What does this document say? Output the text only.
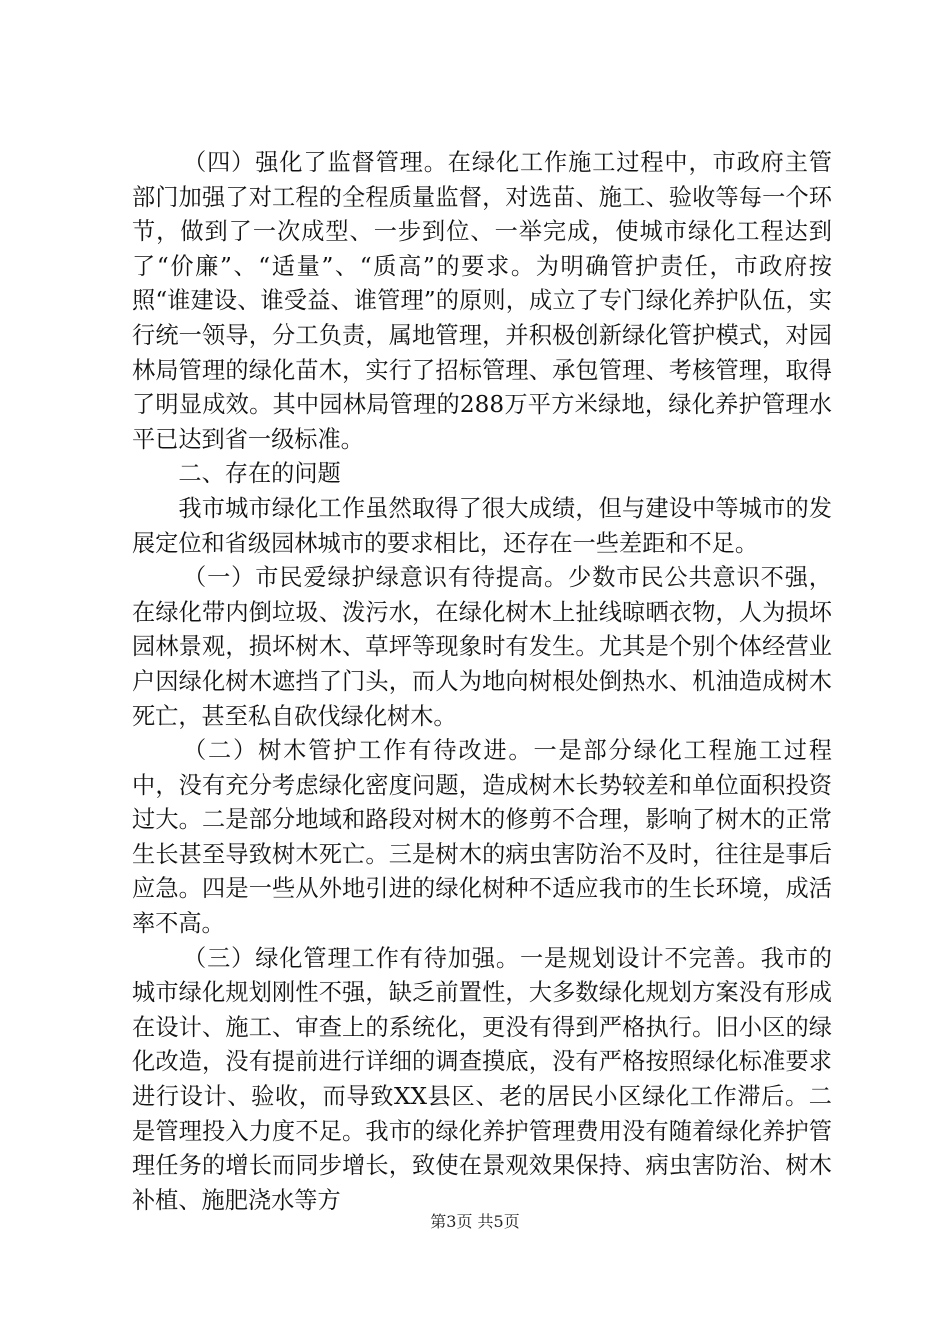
（四）强化了监督管理。在绿化工作施工过程中，市政府主管部门加强了对工程的全程质量监督，对选苗、施工、验收等每一个环节，做到了一次成型、一步到位、一举完成，使城市绿化工程达到了“价廉”、“适量”、“质高”的要求。为明确管护责任，市政府按照“谁建设、谁受益、谁管理”的原则，成立了专门绿化养护队伍，实行统一领导，分工负责，属地管理，并积极创新绿化管护模式，对园林局管理的绿化苗木，实行了招标管理、承包管理、考核管理，取得了明显成效。其中园林局管理的288万平方米绿地，绿化养护管理水平已达到省一级标准。

二、存在的问题

我市城市绿化工作虽然取得了很大成绩，但与建设中等城市的发展定位和省级园林城市的要求相比，还存在一些差距和不足。

（一）市民爱绿护绿意识有待提高。少数市民公共意识不强，在绿化带内倒垃圾、泼污水，在绿化树木上扯线晾晒衣物，人为损坏园林景观，损坏树木、草坪等现象时有发生。尤其是个别个体经营业户因绿化树木遮挡了门头，而人为地向树根处倒热水、机油造成树木死亡，甚至私自砍伐绿化树木。

（二）树木管护工作有待改进。一是部分绿化工程施工过程中，没有充分考虑绿化密度问题，造成树木长势较差和单位面积投资过大。二是部分地域和路段对树木的修剪不合理，影响了树木的正常生长甚至导致树木死亡。三是树木的病虫害防治不及时，往往是事后应急。四是一些从外地引进的绿化树种不适应我市的生长环境，成活率不高。

（三）绿化管理工作有待加强。一是规划设计不完善。我市的城市绿化规划刚性不强，缺乏前置性，大多数绿化规划方案没有形成在设计、施工、审查上的系统化，更没有得到严格执行。旧小区的绿化改造，没有提前进行详细的调查摸底，没有严格按照绿化标准要求进行设计、验收，而导致XX县区、老的居民小区绿化工作滞后。二是管理投入力度不足。我市的绿化养护管理费用没有随着绿化养护管理任务的增长而同步增长，致使在景观效果保持、病虫害防治、树木补植、施肥浇水等方

第3页 共5页
